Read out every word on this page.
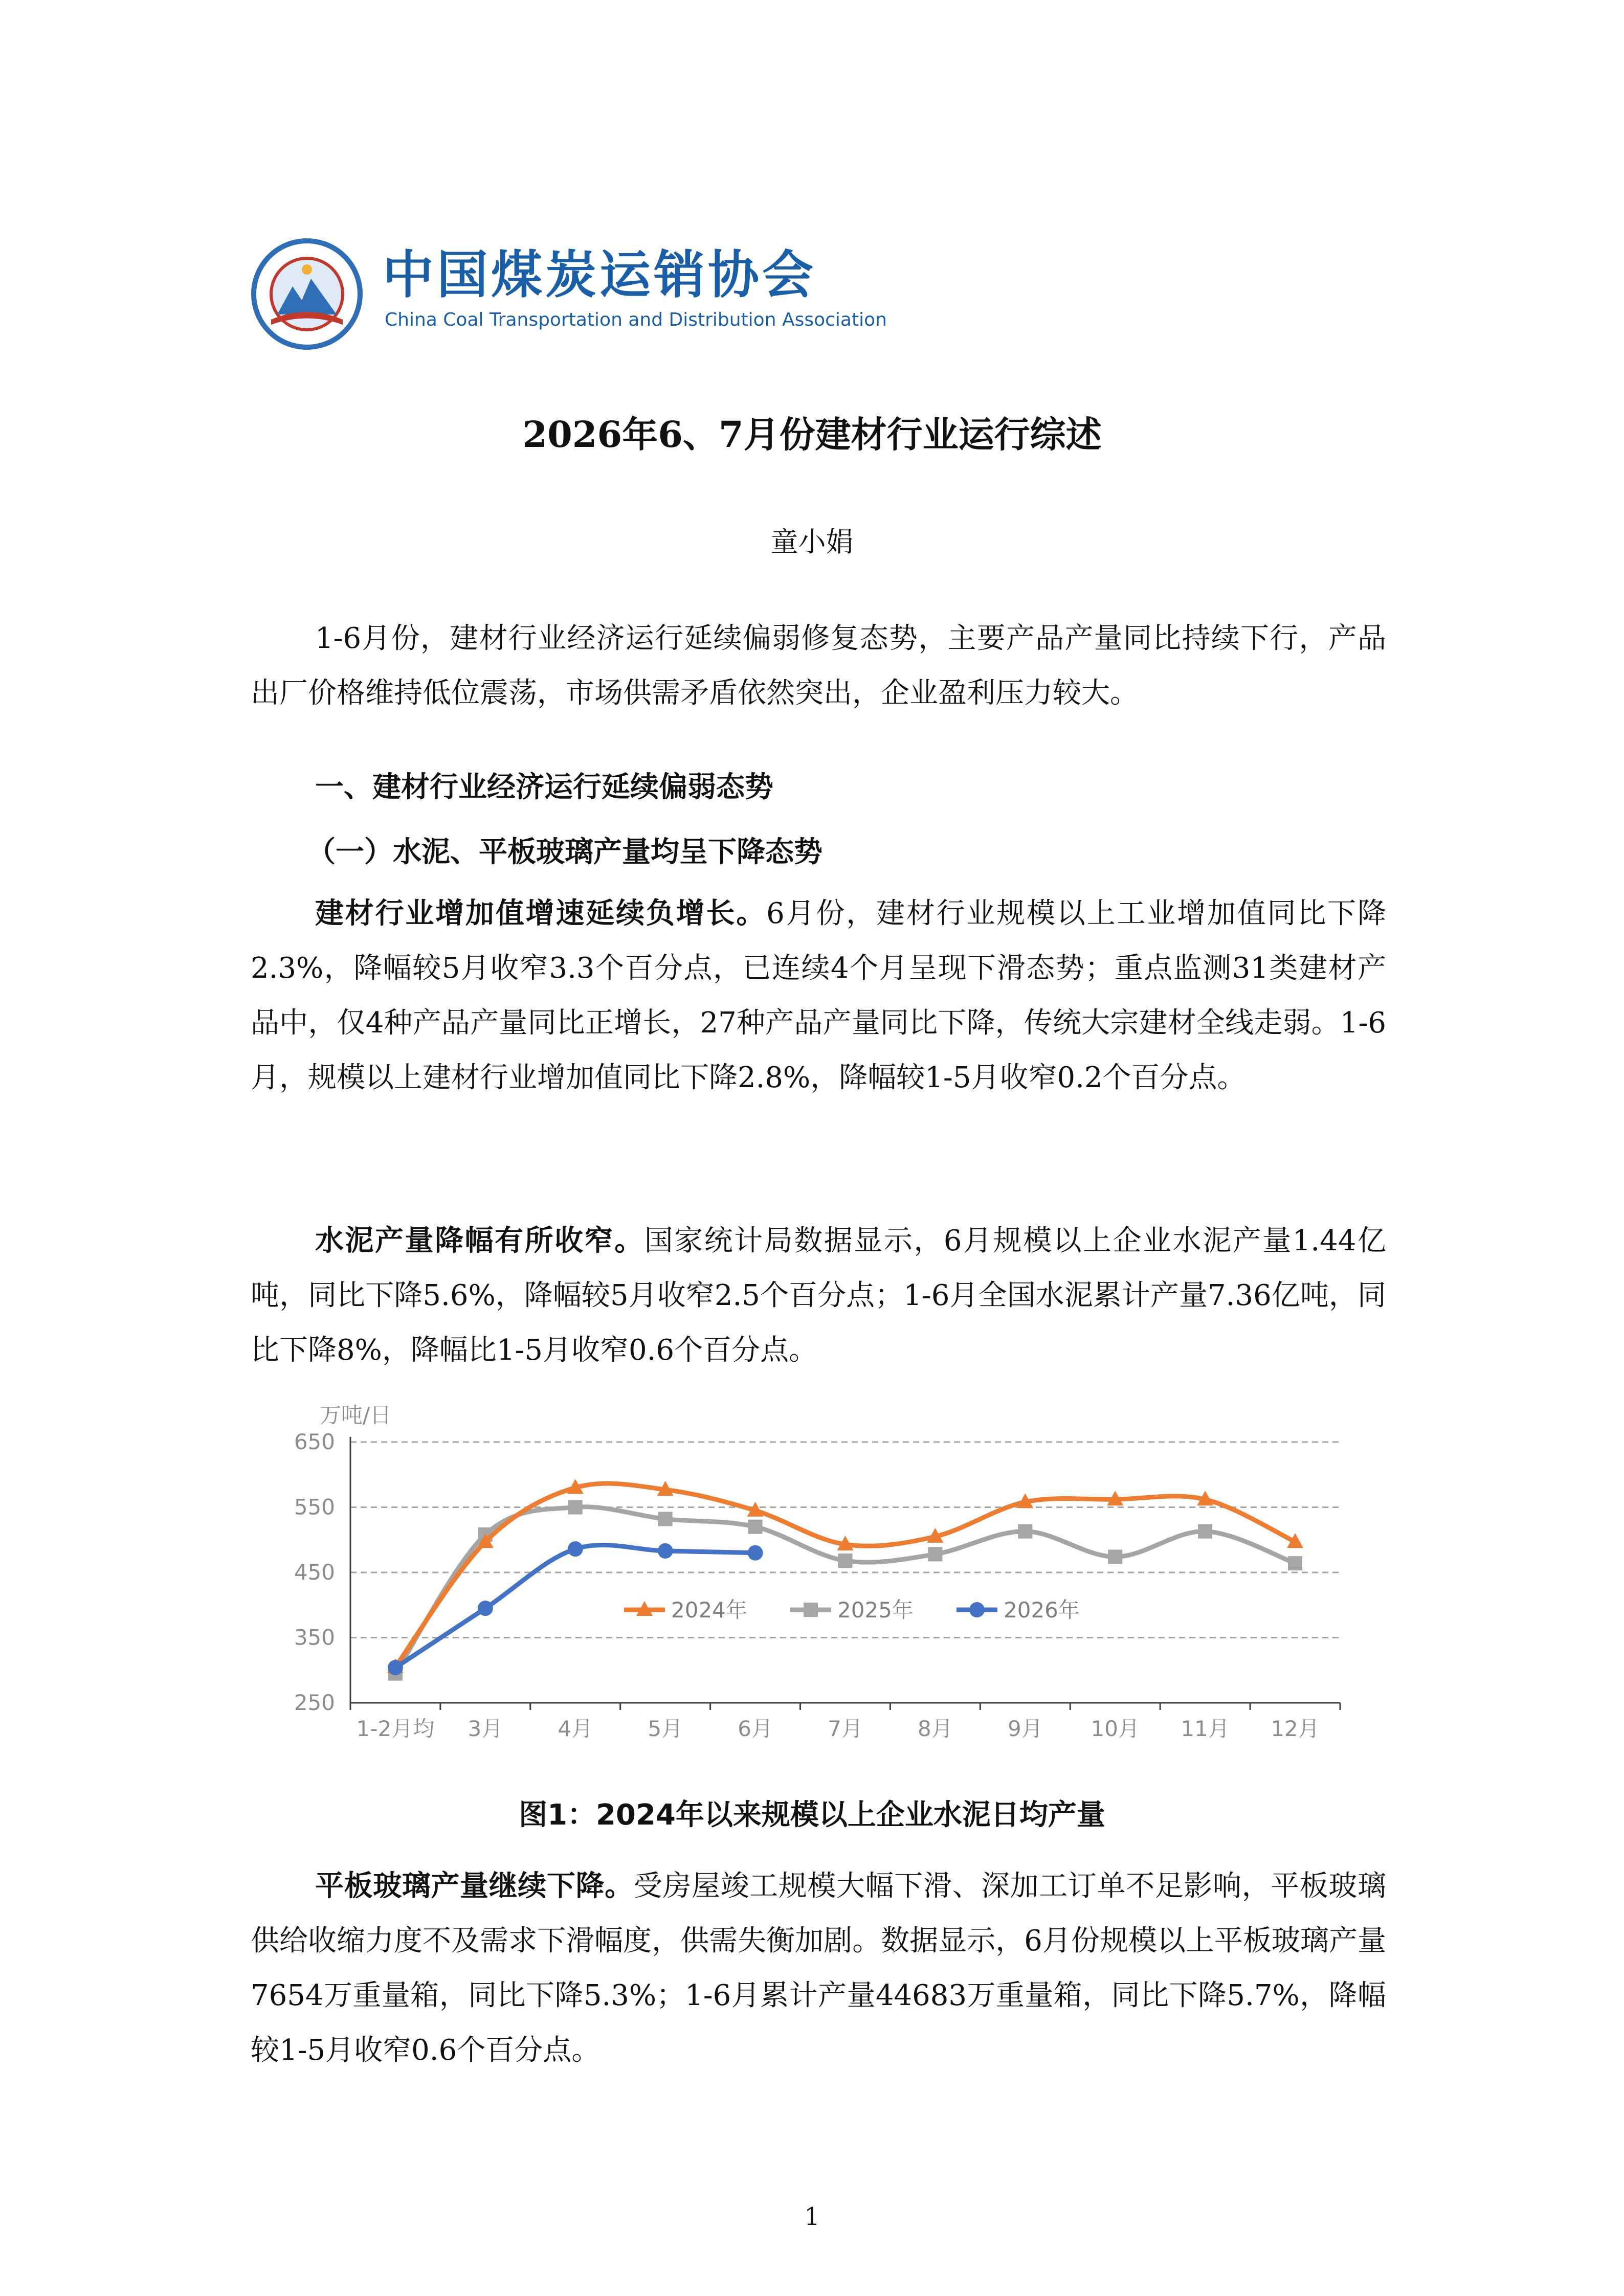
中国煤炭运销协会
China Coal Transportation and Distribution Association
2026年6、7月份建材行业运行综述
童小娟

1-6月份，建材行业经济运行延续偏弱修复态势，主要产品产量同比持续下行，产品出厂价格维持低位震荡，市场供需矛盾依然突出，企业盈利压力较大。

一、建材行业经济运行延续偏弱态势

（一）水泥、平板玻璃产量均呈下降态势

建材行业增加值增速延续负增长。6月份，建材行业规模以上工业增加值同比下降2.3%，降幅较5月收窄3.3个百分点，已连续4个月呈现下滑态势；重点监测31类建材产品中，仅4种产品产量同比正增长，27种产品产量同比下降，传统大宗建材全线走弱。1-6月，规模以上建材行业增加值同比下降2.8%，降幅较1-5月收窄0.2个百分点。

水泥产量降幅有所收窄。国家统计局数据显示，6月规模以上企业水泥产量1.44亿吨，同比下降5.6%，降幅较5月收窄2.5个百分点；1-6月全国水泥累计产量7.36亿吨，同比下降8%，降幅比1-5月收窄0.6个百分点。

万吨/日
650
550
450
350
250
1-2月均 3月	4月	5月	6月	7月	8月	9月 10月 11月 12月
2024年	2025年	2026年
图1：2024年以来规模以上企业水泥日均产量

平板玻璃产量继续下降。受房屋竣工规模大幅下滑、深加工订单不足影响，平板玻璃供给收缩力度不及需求下滑幅度，供需失衡加剧。数据显示，6月份规模以上平板玻璃产量7654万重量箱，同比下降5.3%；1-6月累计产量44683万重量箱，同比下降5.7%，降幅较1-5月收窄0.6个百分点。

1
